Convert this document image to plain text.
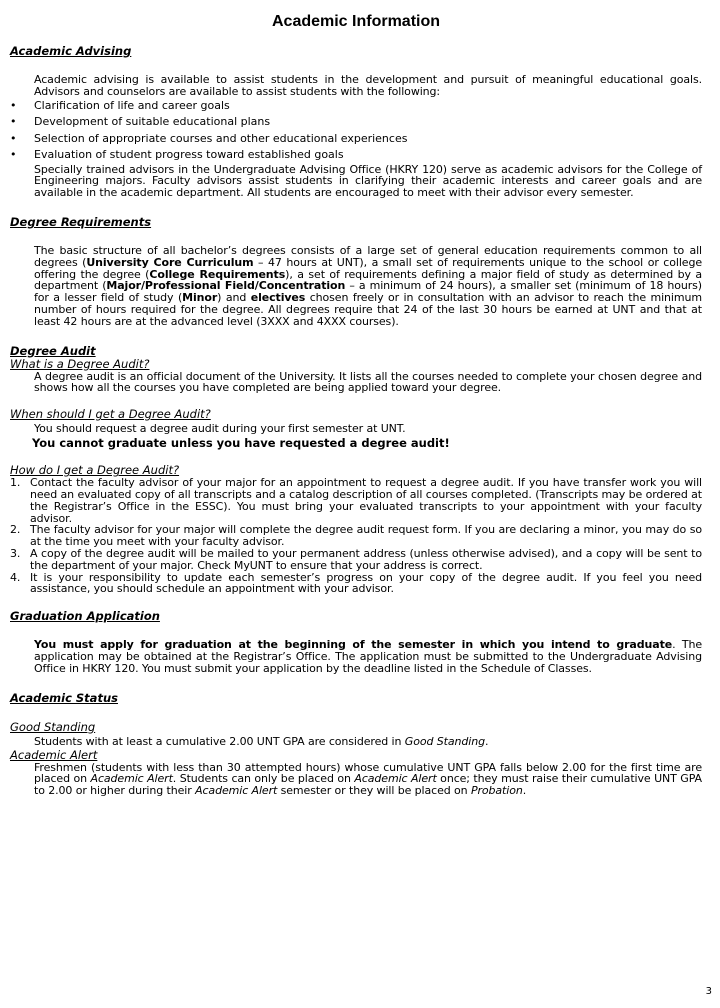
Academic Information
Academic Advising

Academic advising is available to assist students in the development and pursuit of meaningful educational goals. Advisors and counselors are available to assist students with the following:

• Clarification of life and career goals
• Development of suitable educational plans
• Selection of appropriate courses and other educational experiences
• Evaluation of student progress toward established goals

Specially trained advisors in the Undergraduate Advising Office (HKRY 120) serve as academic advisors for the College of Engineering majors. Faculty advisors assist students in clarifying their academic interests and career goals and are available in the academic department. All students are encouraged to meet with their advisor every semester.

Degree Requirements

The basic structure of all bachelor’s degrees consists of a large set of general education requirements common to all degrees (University Core Curriculum – 47 hours at UNT), a small set of requirements unique to the school or college offering the degree (College Requirements), a set of requirements defining a major field of study as determined by a department (Major/Professional Field/Concentration – a minimum of 24 hours), a smaller set (minimum of 18 hours) for a lesser field of study (Minor) and electives chosen freely or in consultation with an advisor to reach the minimum number of hours required for the degree. All degrees require that 24 of the last 30 hours be earned at UNT and that at least 42 hours are at the advanced level (3XXX and 4XXX courses).

Degree Audit
What is a Degree Audit?

A degree audit is an official document of the University. It lists all the courses needed to complete your chosen degree and shows how all the courses you have completed are being applied toward your degree.

When should I get a Degree Audit?

You should request a degree audit during your first semester at UNT.

You cannot graduate unless you have requested a degree audit!

How do I get a Degree Audit?

1. Contact the faculty advisor of your major for an appointment to request a degree audit. If you have transfer work you will need an evaluated copy of all transcripts and a catalog description of all courses completed. (Transcripts may be ordered at the Registrar’s Office in the ESSC). You must bring your evaluated transcripts to your appointment with your faculty advisor.

2. The faculty advisor for your major will complete the degree audit request form. If you are declaring a minor, you may do so at the time you meet with your faculty advisor.

3. A copy of the degree audit will be mailed to your permanent address (unless otherwise advised), and a copy will be sent to the department of your major. Check MyUNT to ensure that your address is correct.

4. It is your responsibility to update each semester’s progress on your copy of the degree audit. If you feel you need assistance, you should schedule an appointment with your advisor.

Graduation Application

You must apply for graduation at the beginning of the semester in which you intend to graduate. The application may be obtained at the Registrar’s Office. The application must be submitted to the Undergraduate Advising Office in HKRY 120. You must submit your application by the deadline listed in the Schedule of Classes.

Academic Status
Good Standing

Students with at least a cumulative 2.00 UNT GPA are considered in Good Standing.

Academic Alert

Freshmen (students with less than 30 attempted hours) whose cumulative UNT GPA falls below 2.00 for the first time are placed on Academic Alert. Students can only be placed on Academic Alert once; they must raise their cumulative UNT GPA to 2.00 or higher during their Academic Alert semester or they will be placed on Probation.

3
